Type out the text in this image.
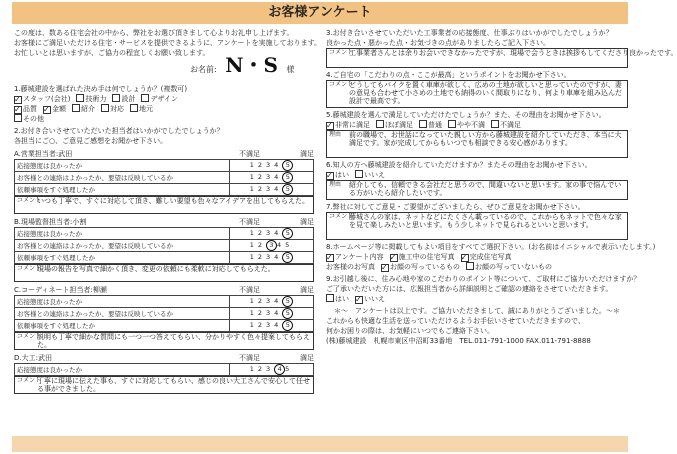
お客様アンケート
この度は、数ある住宅会社の中から、弊社をお選び頂きまして心よりお礼申し上げます。
お客様にご満足いただける住宅・サービスを提供できるように、アンケートを実施しております。
お忙しいとは思いますが、ご協力の程宜しくお願い致します。
1.藤城建設を選ばれた決め手は何でしょうか？(複数可)
✓スタッフ(会社)	技術力	設計	デザイン
✓品質 ✓	金額	紹介	対応	地元
その他
2.お付き合いさせていただいた担当者はいかがでしたでしょうか？
各担当にご○、ご意見ご感想をお聞かせ下さい。
A.営業担当者:武田	不満足	満足
応接態度は良かったか	1234 5
お客様との連絡はよかったか、要望は反映しているか	1234 5
依頼事項をすぐ処理したか	1234 5
コメント
いつも丁寧で、すぐに対応して頂き、難しい要望も色々なアイデアを出してもらえた。
B.現場監督担当者:小割	不満足	満足
応接態度は良かったか	1234 5
お客様との連絡はよかったか、要望は反映しているか	12 3 45
依頼事項をすぐ処理したか	1234 5
コメント
現場の報告を写真で細かく頂き、変更の依頼にも柔軟に対応してもらえた。
C.コーディネート担当者:柳瀬	不満足	満足
応接態度は良かったか	1234 5
お客様との連絡はよかったか、要望は反映しているか	1234 5
依頼事項をすぐ処理したか	1234 5
コメント
説明も丁寧で細かな質問にも一つ一つ答えてもらい、分かりやすく色々提案してもらえた。
D.大工:武田	不満足	満足
応接態度は良かったか	123 4 5
コメント
丁寧に現場に伝えた事も、すぐに対応してもらい、感じの良い大工さんで安心して任せる事ができました。
お名前: N・S 様
3.お付き合いさせていただいた工事業者の応接態度、仕事ぶりはいかがでしたでしょうか？
良かった点・悪かった点・お気づきの点がありましたらご記入下さい。
コメント
工事業者さんとは余りお会いできなかったですが、現場で会うときは挨拶もしてくださり良かったです。
4.ご自宅の「こだわりの点・ここが最高」というポイントをお聞かせ下さい。
コメント
どうしてもバイクを置く車庫が欲しく、広めの土地が欲しいと思っていたのですが、妻の意見も合わせて小さめの土地でも納得のいく間取りになり、何より車庫を組み込んだ設計で最高です。
5.藤城建設を選んで満足していただけたでしょうか？また、その理由をお聞かせ下さい。
✓非常に満足	ほぼ満足	普通	やや不満	不満足
理由 前の職場で、お世話になっていた親しい方から藤城建設を紹介していただき、本当に大満足です。家が完成してからもいつでも相談できる安心感があります。
6.知人の方へ藤城建設を紹介していただけますか？またその理由をお聞かせ下さい。
✓はい	いいえ
理由 紹介しても、信頼できる会社だと思うので、間違いないと思います。家の事で悩んでいる方がいたら紹介したいです。
7.弊社に対してご意見・ご要望がございましたら、ぜひご意見をお聞かせ下さい。
コメント
藤城さんの家は、ネットなどにたくさん載っているので、これからもネットで色々な家を見て楽しみたいと思います。もう少しネットで見られるといいと思います。
8.ホームページ等に掲載してもよい項目をすべてご選択下さい。(お名前はイニシャルで表示いたします。)
✓アンケート内容 ✓	施工中の住宅写真 ✓	完成住宅写真
お客様のお写真 ✓	お顔の写っているもの	お顔の写っていないもの
9.お引越し後に、住み心地や家のこだわりのポイント等について、ご取材にご協力いただけますか？
ご了承いただいた方には、広報担当者から詳細説明とご確認の連絡をさせていただきます。
はい ✓	いいえ
＊〜　アンケートは以上です。ご協力いただきまして、誠にありがとうございました。〜＊
これからも快適な生活を送っていただけるようお手伝いさせていただきますので、
何かお困りの際は、お気軽にいつでもご連絡下さい。
(株)藤城建設　札幌市東区中沼町33番地　TEL.011-791-1000 FAX.011-791-8888
